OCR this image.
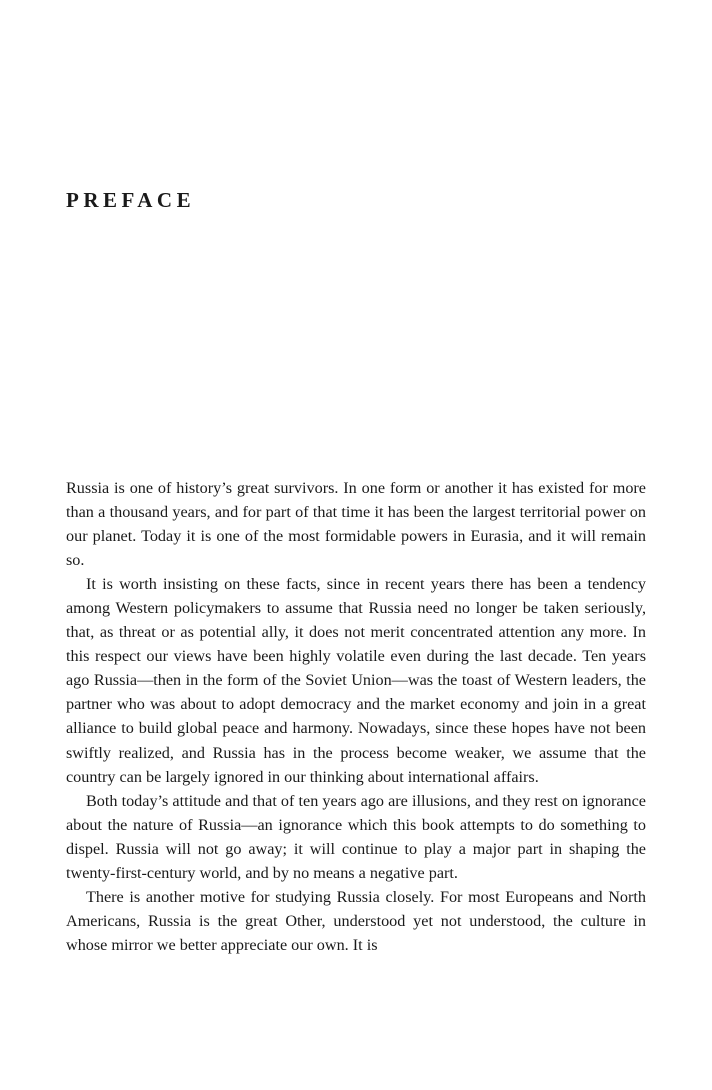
PREFACE

Russia is one of history’s great survivors. In one form or another it has existed for more than a thousand years, and for part of that time it has been the largest territorial power on our planet. Today it is one of the most formidable powers in Eurasia, and it will remain so.

It is worth insisting on these facts, since in recent years there has been a tendency among Western policymakers to assume that Russia need no longer be taken seriously, that, as threat or as potential ally, it does not merit concentrated attention any more. In this respect our views have been highly volatile even during the last decade. Ten years ago Russia—then in the form of the Soviet Union—was the toast of Western leaders, the partner who was about to adopt democracy and the market economy and join in a great alliance to build global peace and harmony. Nowadays, since these hopes have not been swiftly realized, and Russia has in the process become weaker, we assume that the country can be largely ignored in our thinking about international affairs.

Both today’s attitude and that of ten years ago are illusions, and they rest on ignorance about the nature of Russia—an ignorance which this book attempts to do something to dispel. Russia will not go away; it will continue to play a major part in shaping the twenty-first-century world, and by no means a negative part.

There is another motive for studying Russia closely. For most Europeans and North Americans, Russia is the great Other, understood yet not understood, the culture in whose mirror we better appreciate our own. It is
